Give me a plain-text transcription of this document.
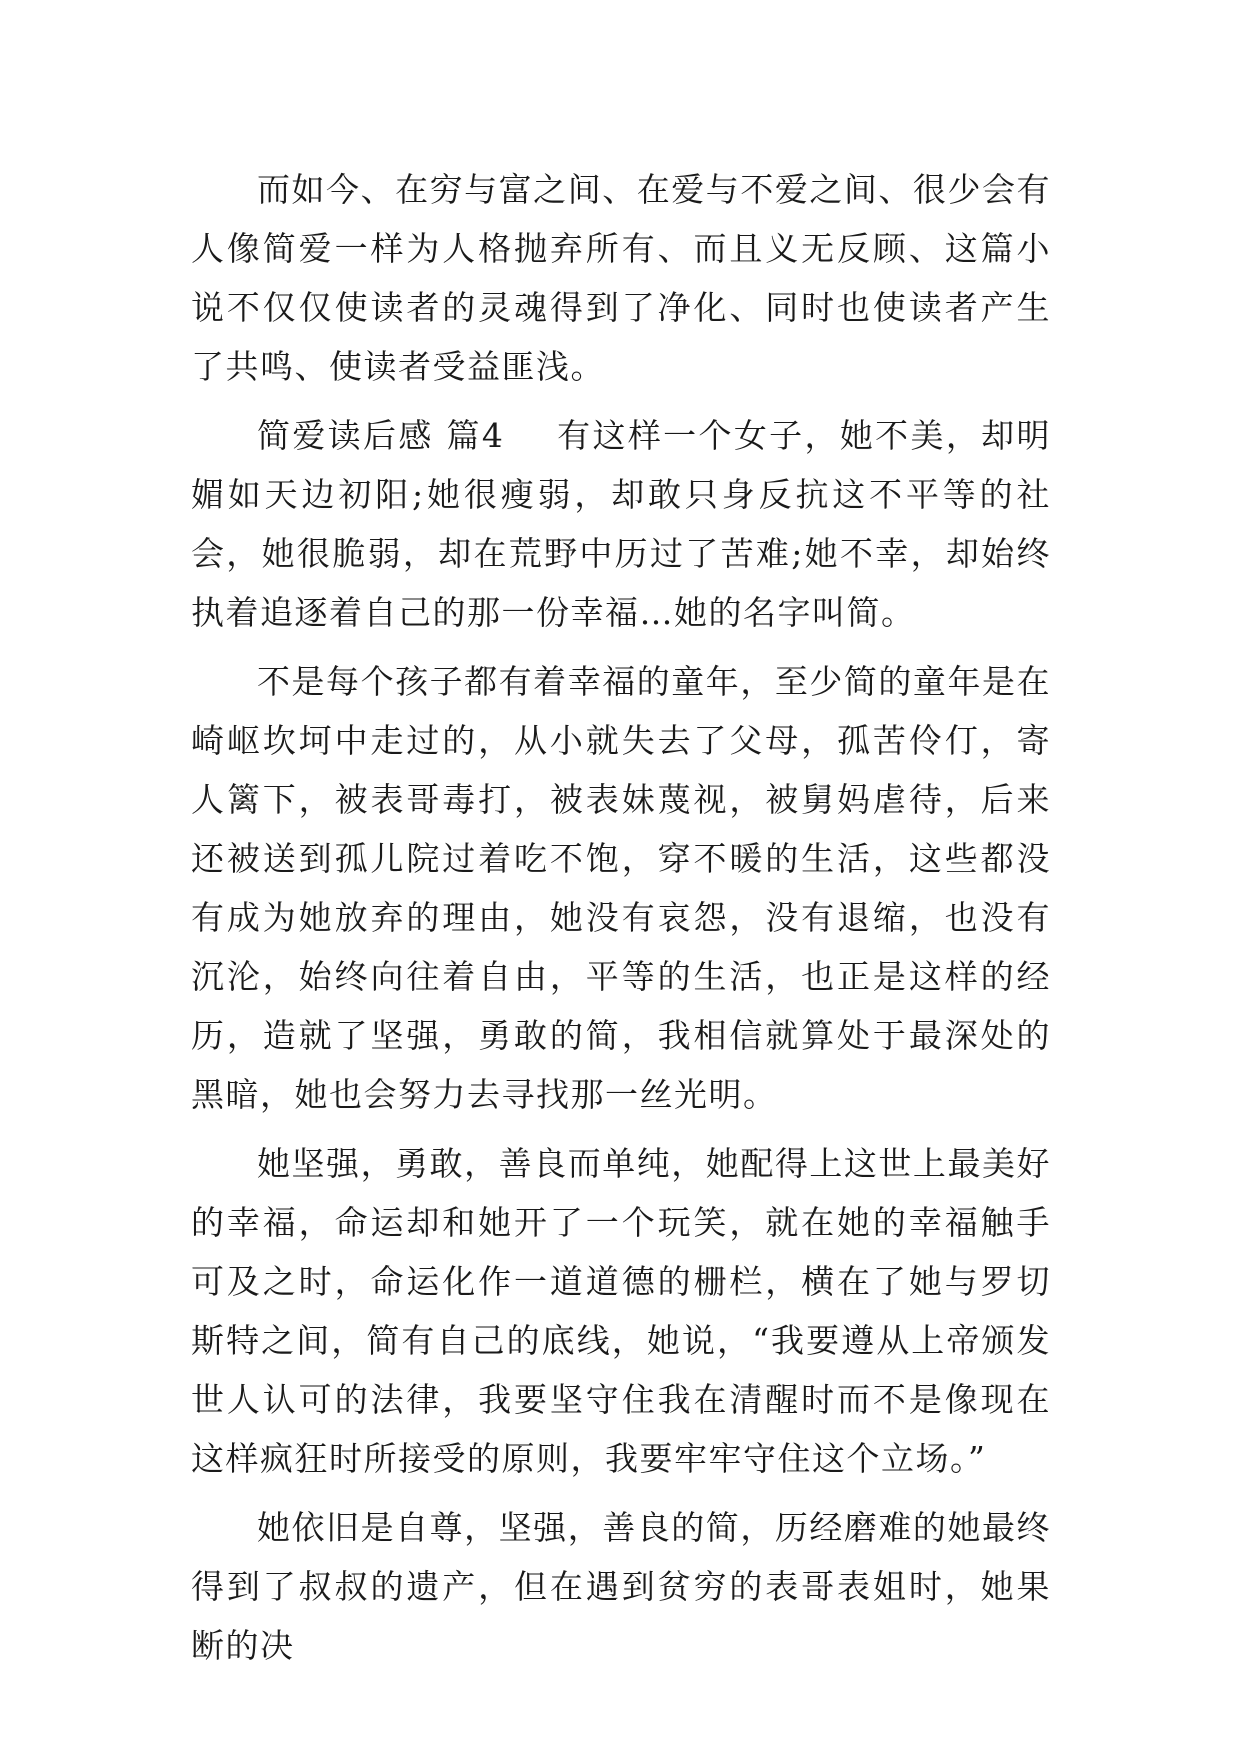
而如今、在穷与富之间、在爱与不爱之间、很少会有人像简爱一样为人格抛弃所有、而且义无反顾、这篇小说不仅仅使读者的灵魂得到了净化、同时也使读者产生了共鸣、使读者受益匪浅。

简爱读后感 篇4 有这样一个女子，她不美，却明媚如天边初阳;她很瘦弱，却敢只身反抗这不平等的社会，她很脆弱，却在荒野中历过了苦难;她不幸，却始终执着追逐着自己的那一份幸福…她的名字叫简。

不是每个孩子都有着幸福的童年，至少简的童年是在崎岖坎坷中走过的，从小就失去了父母，孤苦伶仃，寄人篱下，被表哥毒打，被表妹蔑视，被舅妈虐待，后来还被送到孤儿院过着吃不饱，穿不暖的生活，这些都没有成为她放弃的理由，她没有哀怨，没有退缩，也没有沉沦，始终向往着自由，平等的生活，也正是这样的经历，造就了坚强，勇敢的简，我相信就算处于最深处的黑暗，她也会努力去寻找那一丝光明。

她坚强，勇敢，善良而单纯，她配得上这世上最美好的幸福，命运却和她开了一个玩笑，就在她的幸福触手可及之时，命运化作一道道德的栅栏，横在了她与罗切斯特之间，简有自己的底线，她说，“我要遵从上帝颁发世人认可的法律，我要坚守住我在清醒时而不是像现在这样疯狂时所接受的原则，我要牢牢守住这个立场。”

她依旧是自尊，坚强，善良的简，历经磨难的她最终得到了叔叔的遗产，但在遇到贫穷的表哥表姐时，她果断的决
